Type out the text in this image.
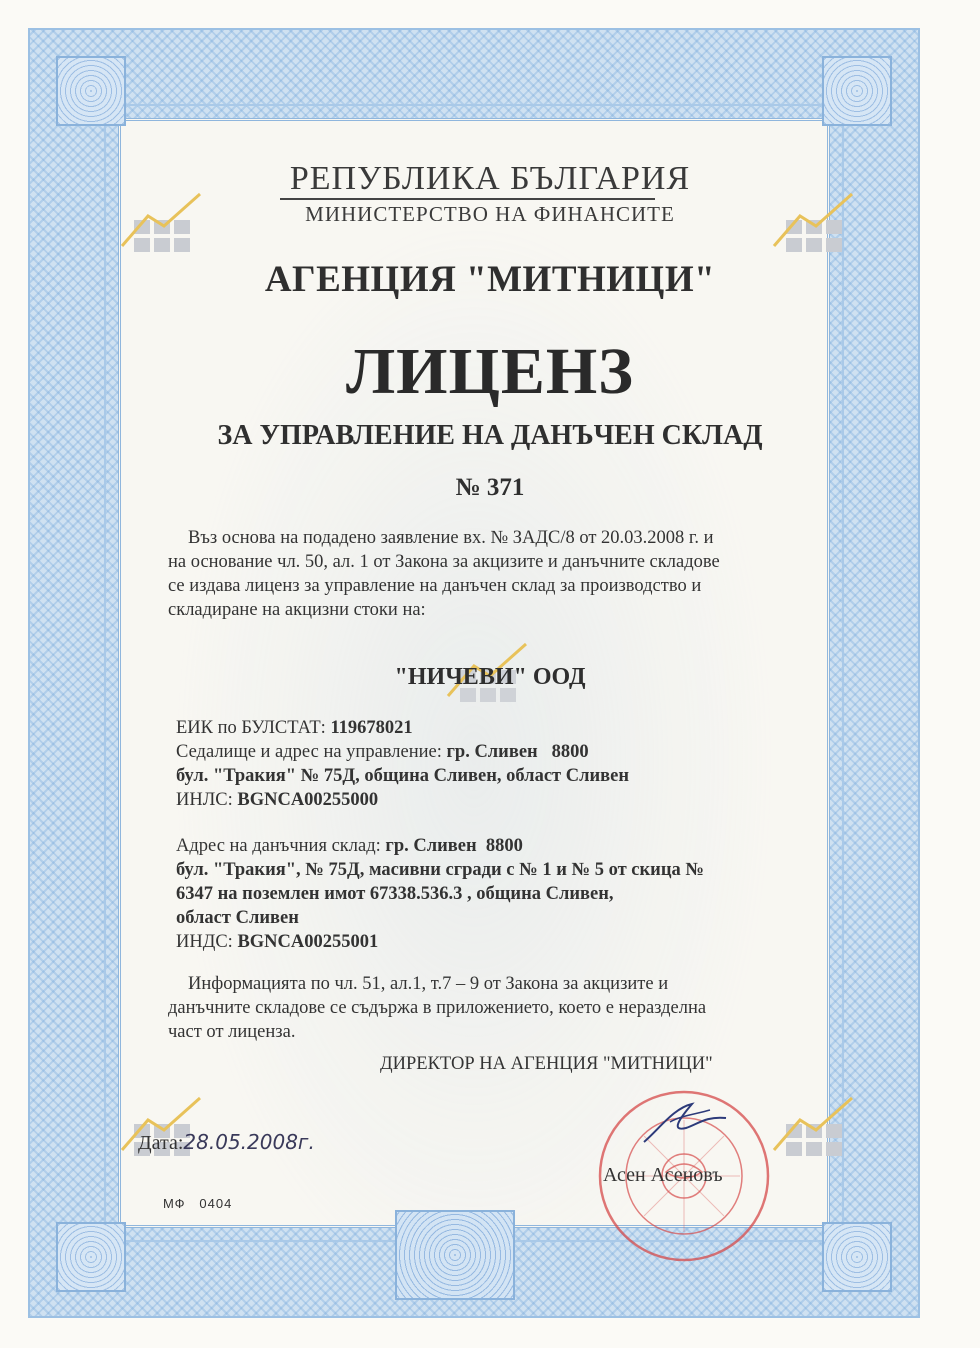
РЕПУБЛИКА БЪЛГАРИЯ
МИНИСТЕРСТВО НА ФИНАНСИТЕ
АГЕНЦИЯ "МИТНИЦИ"
ЛИЦЕНЗ
ЗА УПРАВЛЕНИЕ НА ДАНЪЧЕН СКЛАД
№ 371
Въз основа на подадено заявление вх. № ЗАДС/8 от 20.03.2008 г. и
на основание чл. 50, ал. 1 от Закона за акцизите и данъчните складове
се издава лиценз за управление на данъчен склад за производство и
складиране на акцизни стоки на:
"НИЧЕВИ" ООД
ЕИК по БУЛСТАТ: 119678021
Седалище и адрес на управление: гр. Сливен   8800
бул. "Тракия" № 75Д, община Сливен, област Сливен
ИНЛС: BGNCA00255000
Адрес на данъчния склад: гр. Сливен  8800
бул. "Тракия", № 75Д, масивни сгради с № 1 и № 5 от скица №
6347 на поземлен имот 67338.536.3 , община Сливен,
област Сливен
ИНДС: BGNCA00255001
Информацията по чл. 51, ал.1, т.7 – 9 от Закона за акцизите и
данъчните складове се съдържа в приложението, което е неразделна
част от лиценза.
ДИРЕКТОР НА АГЕНЦИЯ "МИТНИЦИ"
Дата:28.05.2008г.
Асен Асеновъ
МФ   0404
